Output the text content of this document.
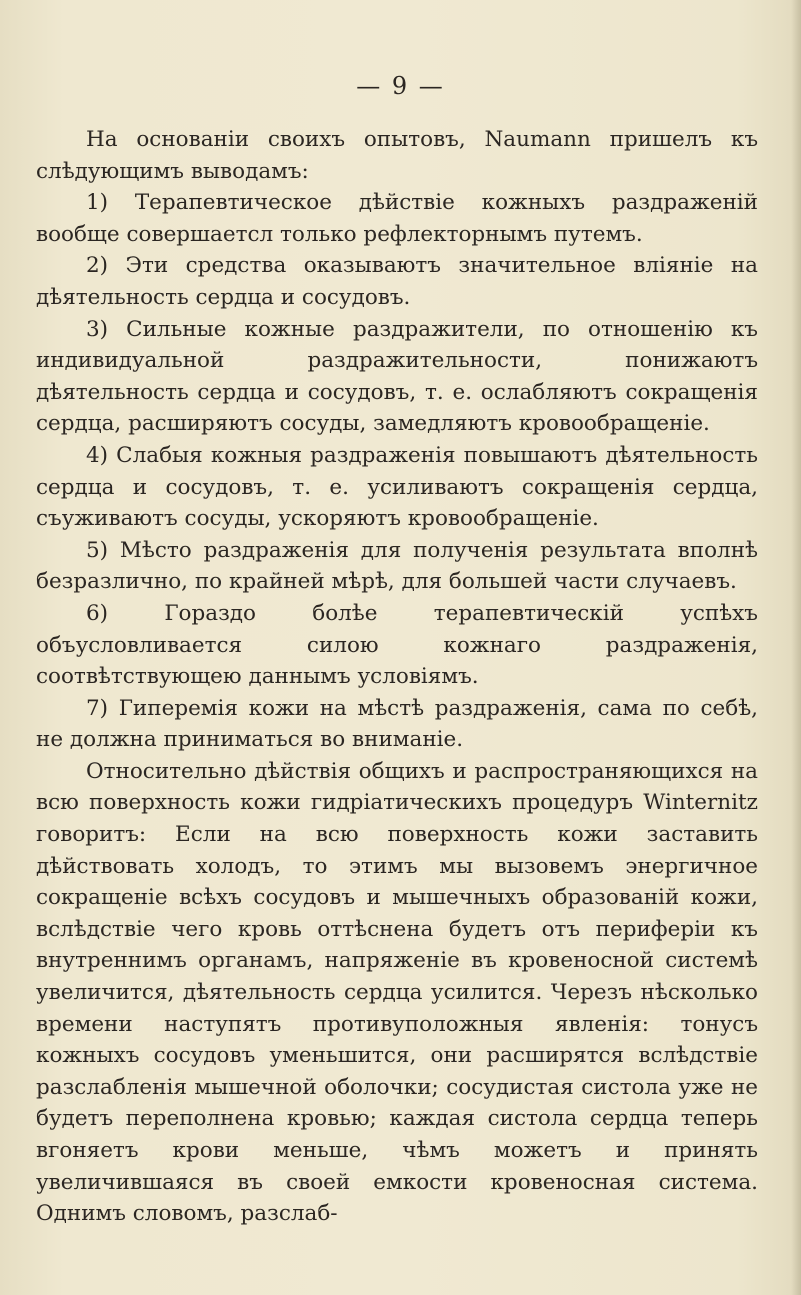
— 9 —

На основаніи своихъ опытовъ, Naumann пришелъ къ слѣдующимъ выводамъ:

1) Терапевтическое дѣйствіе кожныхъ раздраженій вообще совершаетсл только рефлекторнымъ путемъ.

2) Эти средства оказываютъ значительное вліяніе на дѣятельность сердца и сосудовъ.

3) Сильные кожные раздражители, по отношенію къ индивидуальной раздражительности, понижаютъ дѣятельность сердца и сосудовъ, т. е. ослабляютъ сокращенія сердца, расширяютъ сосуды, замедляютъ кровообращеніе.

4) Слабыя кожныя раздраженія повышаютъ дѣятельность сердца и сосудовъ, т. е. усиливаютъ сокращенія сердца, съуживаютъ сосуды, ускоряютъ кровообращеніе.

5) Мѣсто раздраженія для полученія результата вполнѣ безразлично, по крайней мѣрѣ, для большей части случаевъ.

6) Гораздо болѣе терапевтическій успѣхъ объусловливается силою кожнаго раздраженія, соотвѣтствующею даннымъ условіямъ.

7) Гиперемія кожи на мѣстѣ раздраженія, сама по себѣ, не должна приниматься во вниманіе.

Относительно дѣйствія общихъ и распространяющихся на всю поверхность кожи гидріатическихъ процедуръ Winternitz говоритъ: Если на всю поверхность кожи заставить дѣйствовать холодъ, то этимъ мы вызовемъ энергичное сокращеніе всѣхъ сосудовъ и мышечныхъ образованій кожи, вслѣдствіе чего кровь оттѣснена будетъ отъ периферіи къ внутреннимъ органамъ, напряженіе въ кровеносной системѣ увеличится, дѣятельность сердца усилится. Черезъ нѣсколько времени наступятъ противуположныя явленія: тонусъ кожныхъ сосудовъ уменьшится, они расширятся вслѣдствіе разслабленія мышечной оболочки; сосудистая систола уже не будетъ переполнена кровью; каждая систола сердца теперь вгоняетъ крови меньше, чѣмъ можетъ и принять увеличившаяся въ своей емкости кровеносная система. Однимъ словомъ, разслаб-
